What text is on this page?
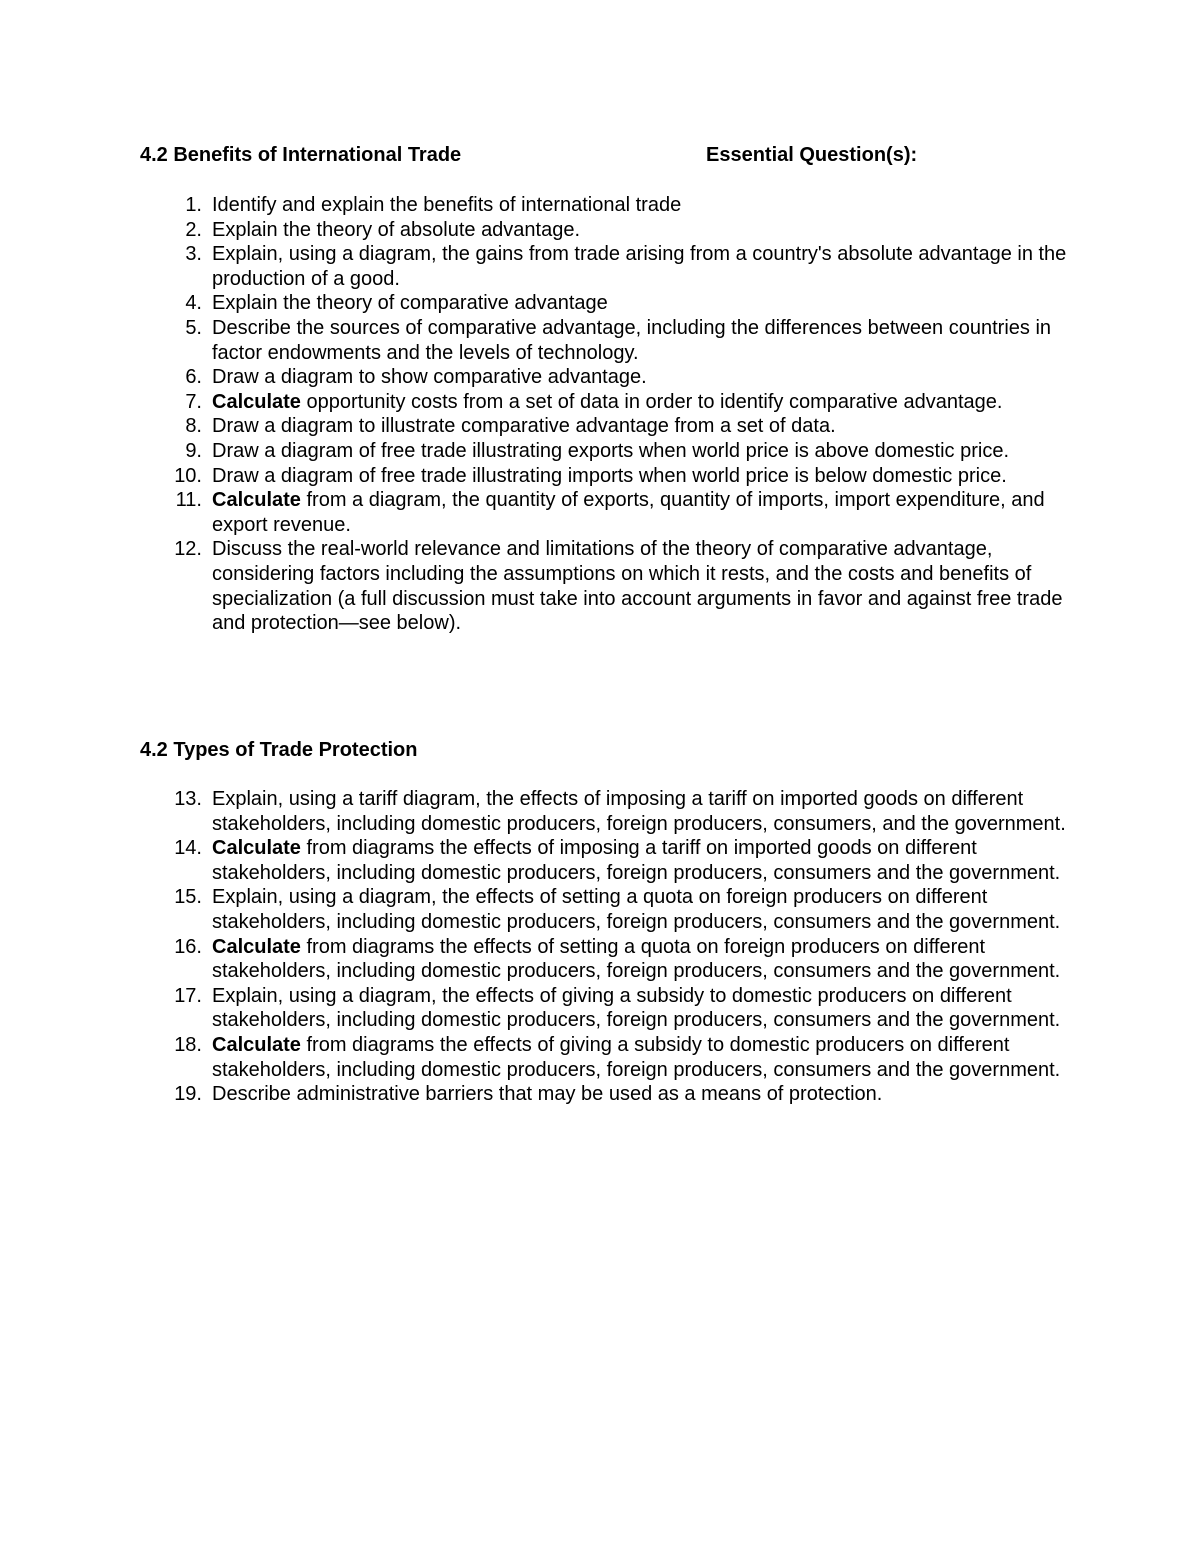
4.2 Benefits of International Trade	Essential Question(s):
1. Identify and explain the benefits of international trade
2. Explain the theory of absolute advantage.
3. Explain, using a diagram, the gains from trade arising from a country's absolute advantage in the production of a good.
4. Explain the theory of comparative advantage
5. Describe the sources of comparative advantage, including the differences between countries in factor endowments and the levels of technology.
6. Draw a diagram to show comparative advantage.
7. Calculate opportunity costs from a set of data in order to identify comparative advantage.
8. Draw a diagram to illustrate comparative advantage from a set of data.
9. Draw a diagram of free trade illustrating exports when world price is above domestic price.
10. Draw a diagram of free trade illustrating imports when world price is below domestic price.
11. Calculate from a diagram, the quantity of exports, quantity of imports, import expenditure, and export revenue.
12. Discuss the real-world relevance and limitations of the theory of comparative advantage, considering factors including the assumptions on which it rests, and the costs and benefits of specialization (a full discussion must take into account arguments in favor and against free trade and protection—see below).
4.2 Types of Trade Protection
13. Explain, using a tariff diagram, the effects of imposing a tariff on imported goods on different stakeholders, including domestic producers, foreign producers, consumers, and the government.
14. Calculate from diagrams the effects of imposing a tariff on imported goods on different stakeholders, including domestic producers, foreign producers, consumers and the government.
15. Explain, using a diagram, the effects of setting a quota on foreign producers on different stakeholders, including domestic producers, foreign producers, consumers and the government.
16. Calculate from diagrams the effects of setting a quota on foreign producers on different stakeholders, including domestic producers, foreign producers, consumers and the government.
17. Explain, using a diagram, the effects of giving a subsidy to domestic producers on different stakeholders, including domestic producers, foreign producers, consumers and the government.
18. Calculate from diagrams the effects of giving a subsidy to domestic producers on different stakeholders, including domestic producers, foreign producers, consumers and the government.
19. Describe administrative barriers that may be used as a means of protection.
